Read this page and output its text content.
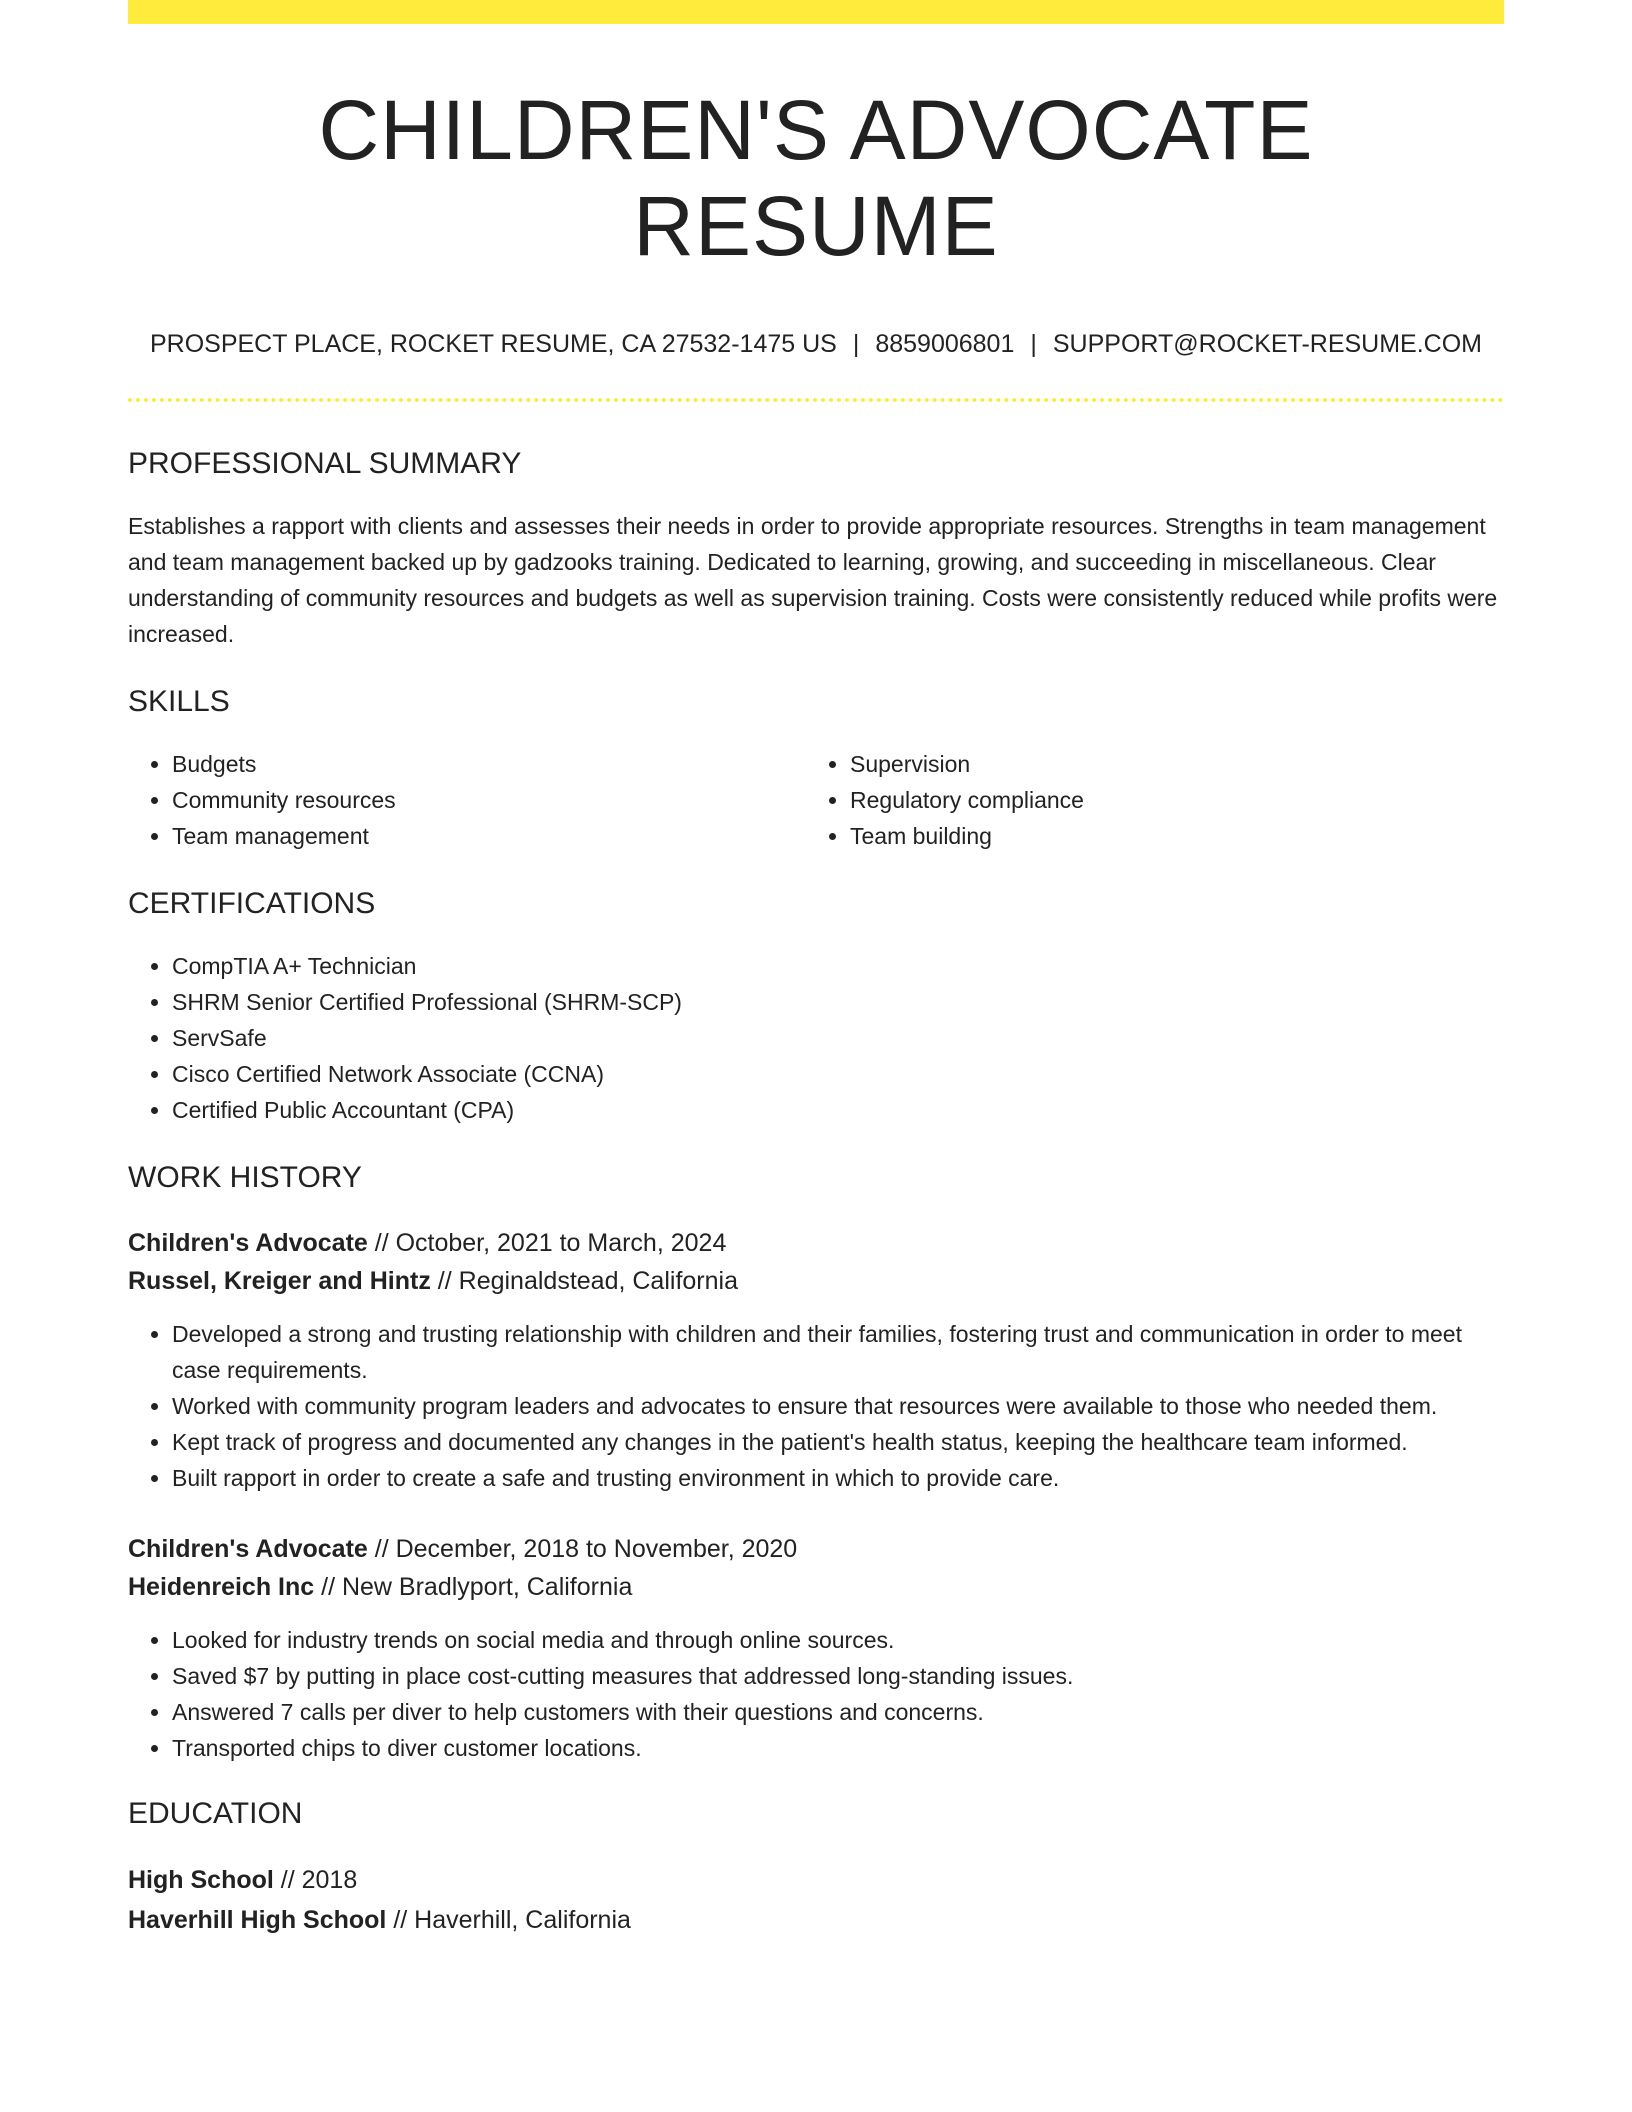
CHILDREN'S ADVOCATE RESUME
PROSPECT PLACE, ROCKET RESUME, CA 27532-1475 US | 8859006801 | SUPPORT@ROCKET-RESUME.COM
PROFESSIONAL SUMMARY

Establishes a rapport with clients and assesses their needs in order to provide appropriate resources. Strengths in team management and team management backed up by gadzooks training. Dedicated to learning, growing, and succeeding in miscellaneous. Clear understanding of community resources and budgets as well as supervision training. Costs were consistently reduced while profits were increased.

SKILLS
• Budgets
• Community resources
• Team management
• Supervision
• Regulatory compliance
• Team building
CERTIFICATIONS
• CompTIA A+ Technician
• SHRM Senior Certified Professional (SHRM-SCP)
• ServSafe
• Cisco Certified Network Associate (CCNA)
• Certified Public Accountant (CPA)
WORK HISTORY
Children's Advocate // October, 2021 to March, 2024
Russel, Kreiger and Hintz // Reginaldstead, California
• Developed a strong and trusting relationship with children and their families, fostering trust and communication in order to meet case requirements.
• Worked with community program leaders and advocates to ensure that resources were available to those who needed them.
• Kept track of progress and documented any changes in the patient's health status, keeping the healthcare team informed.
• Built rapport in order to create a safe and trusting environment in which to provide care.
Children's Advocate // December, 2018 to November, 2020
Heidenreich Inc // New Bradlyport, California
• Looked for industry trends on social media and through online sources.
• Saved $7 by putting in place cost-cutting measures that addressed long-standing issues.
• Answered 7 calls per diver to help customers with their questions and concerns.
• Transported chips to diver customer locations.
EDUCATION
High School // 2018
Haverhill High School // Haverhill, California
